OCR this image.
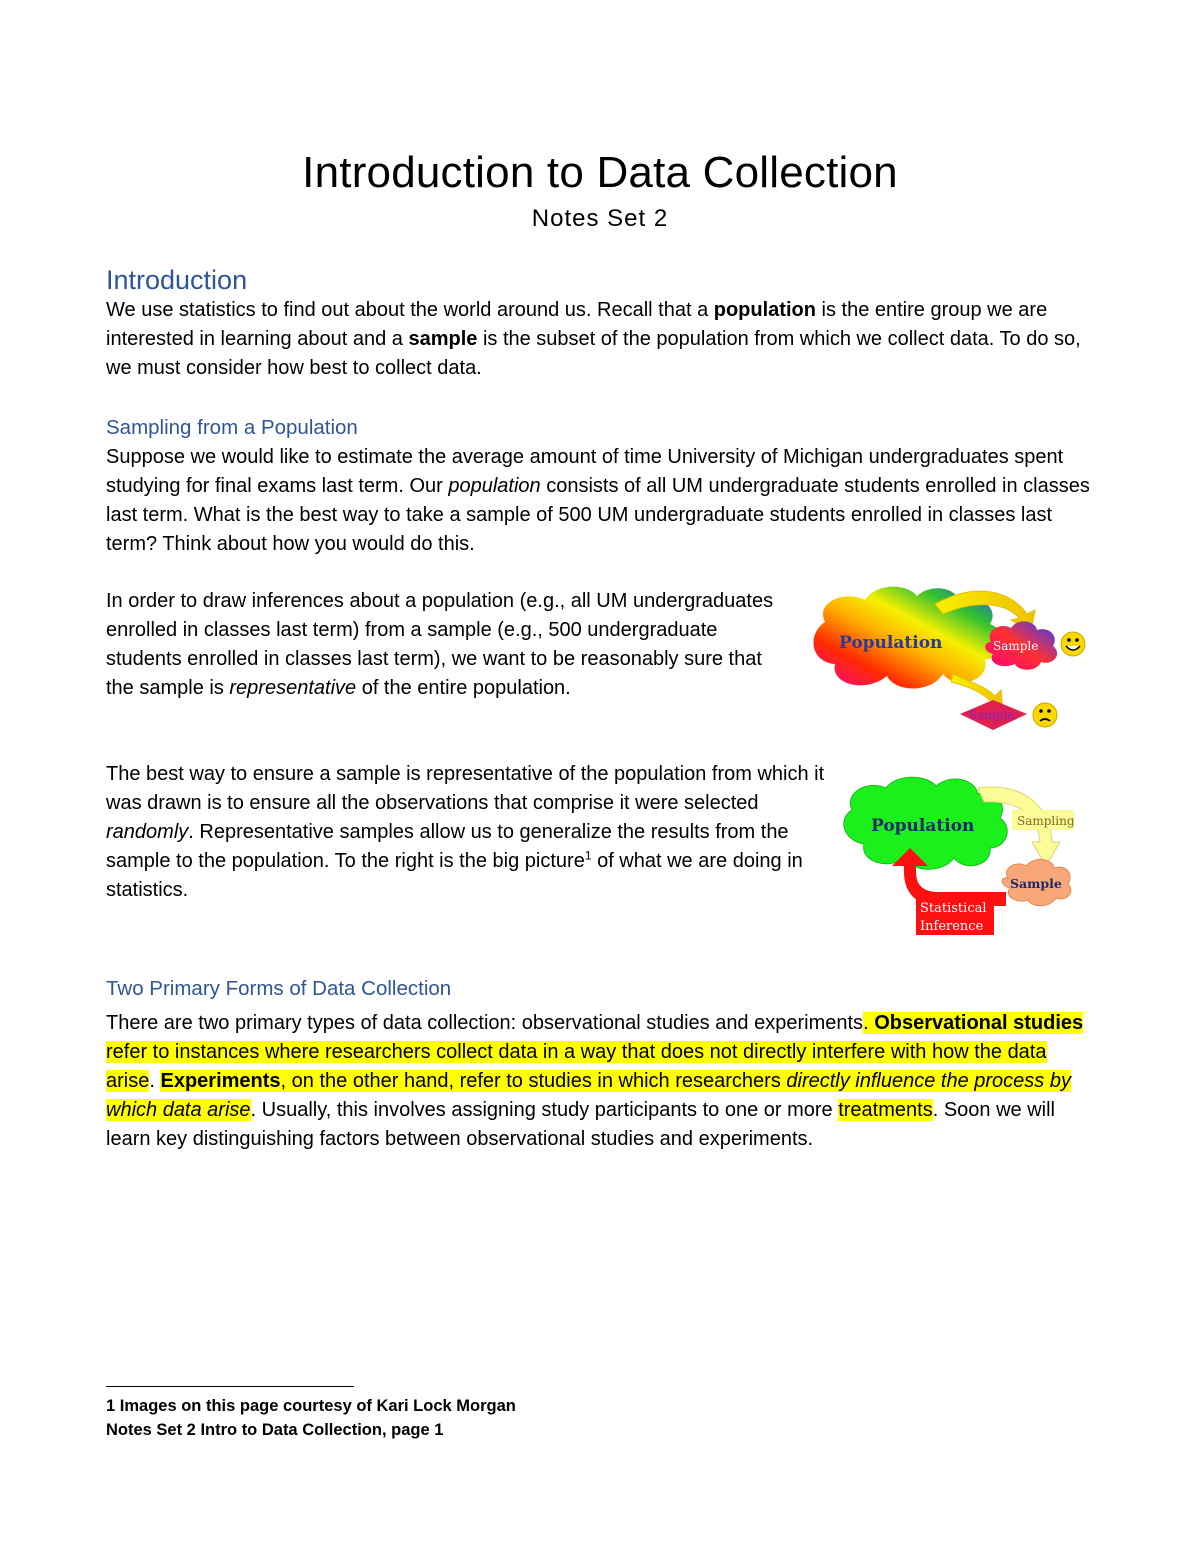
Introduction to Data Collection
Notes Set 2
Introduction

We use statistics to find out about the world around us. Recall that a population is the entire group we are interested in learning about and a sample is the subset of the population from which we collect data. To do so, we must consider how best to collect data.

Sampling from a Population

Suppose we would like to estimate the average amount of time University of Michigan undergraduates spent studying for final exams last term. Our population consists of all UM undergraduate students enrolled in classes last term. What is the best way to take a sample of 500 UM undergraduate students enrolled in classes last term? Think about how you would do this.

In order to draw inferences about a population (e.g., all UM undergraduates enrolled in classes last term) from a sample (e.g., 500 undergraduate students enrolled in classes last term), we want to be reasonably sure that the sample is representative of the entire population.

The best way to ensure a sample is representative of the population from which it was drawn is to ensure all the observations that comprise it were selected randomly. Representative samples allow us to generalize the results from the sample to the population. To the right is the big picture$^1$ of what we are doing in statistics.

Population	Sample
Sample
Population	Sampling
Sample
Statistical
Inference
Two Primary Forms of Data Collection

There are two primary types of data collection: observational studies and experiments. Observational studies refer to instances where researchers collect data in a way that does not directly interfere with how the data arise. Experiments, on the other hand, refer to studies in which researchers directly influence the process by which data arise. Usually, this involves assigning study participants to one or more treatments. Soon we will learn key distinguishing factors between observational studies and experiments.

1 Images on this page courtesy of Kari Lock Morgan
Notes Set 2 Intro to Data Collection, page 1
